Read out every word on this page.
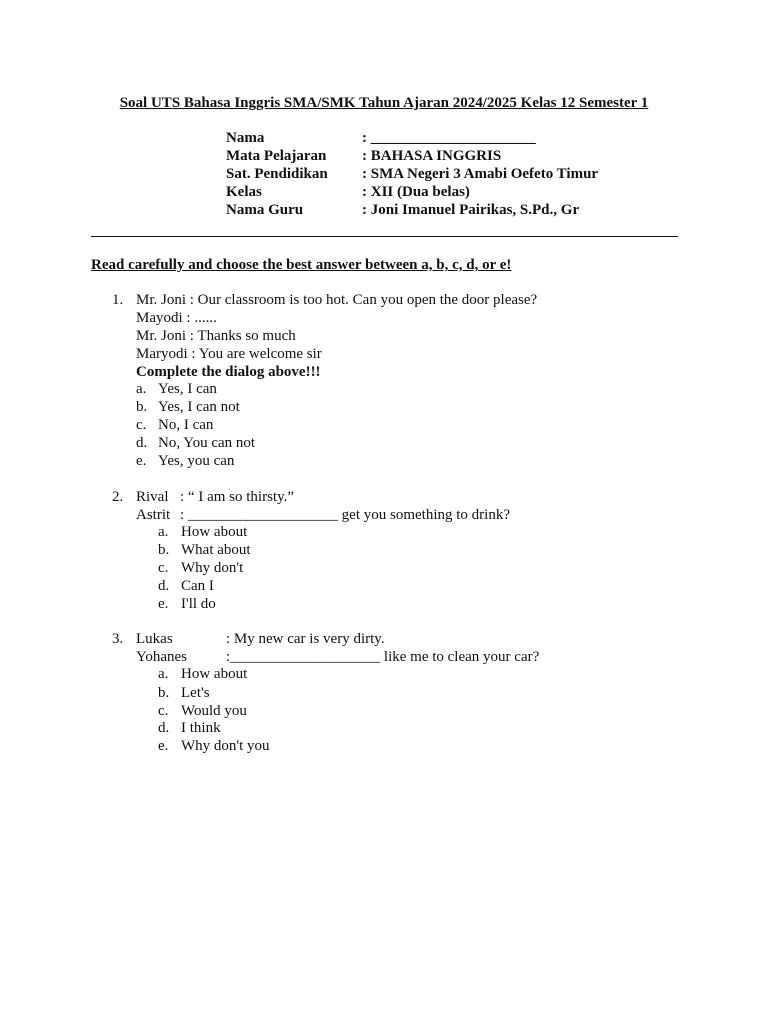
Soal UTS Bahasa Inggris SMA/SMK Tahun Ajaran 2024/2025 Kelas 12 Semester 1
Nama	: ______________________
Mata Pelajaran	: BAHASA INGGRIS
Sat. Pendidikan	: SMA Negeri 3 Amabi Oefeto Timur
Kelas	: XII (Dua belas)
Nama Guru	: Joni Imanuel Pairikas, S.Pd., Gr
Read carefully and choose the best answer between a, b, c, d, or e!
1. Mr. Joni : Our classroom is too hot. Can you open the door please?
Mayodi : ......
Mr. Joni : Thanks so much
Maryodi : You are welcome sir
Complete the dialog above!!!
a. Yes, I can
b. Yes, I can not
c. No, I can
d. No, You can not
e. Yes, you can
2. Rival : “ I am so thirsty.”
Astrit : ____________________ get you something to drink?
a. How about
b. What about
c. Why don't
d. Can I
e. I'll do
3. Lukas	: My new car is very dirty.
Yohanes	:____________________ like me to clean your car?
a. How about
b. Let's
c. Would you
d. I think
e. Why don't you
